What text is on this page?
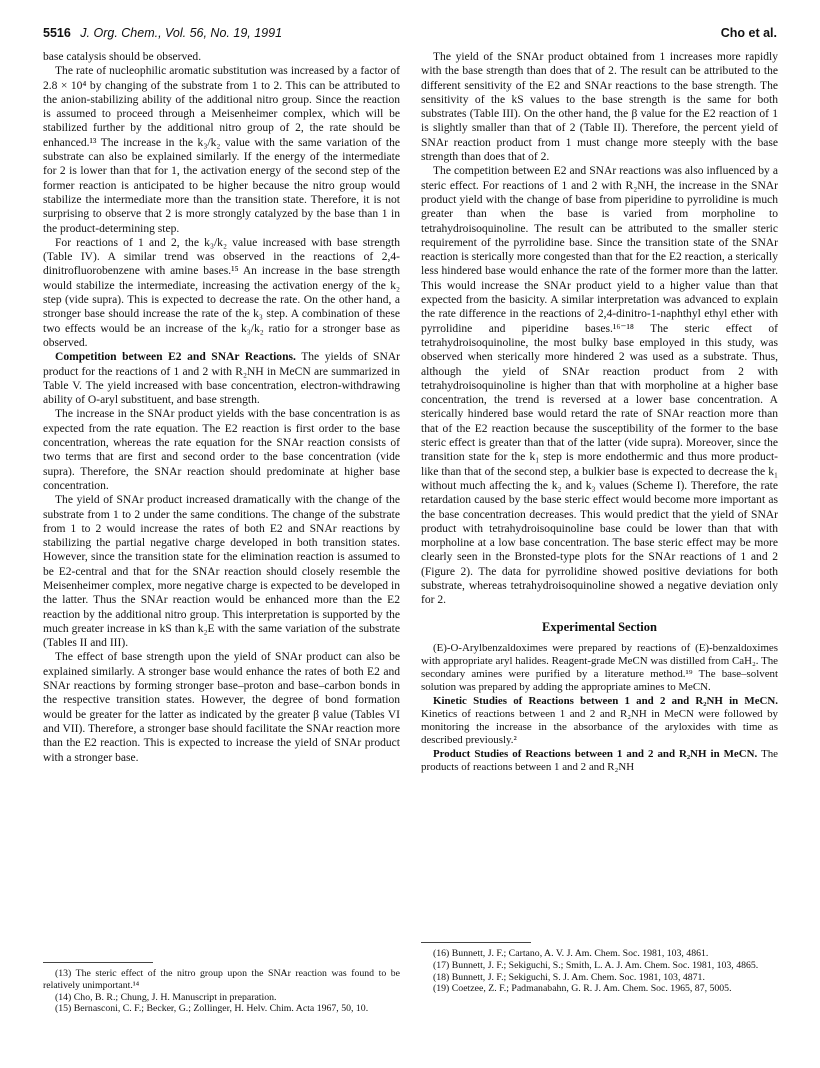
5516 J. Org. Chem., Vol. 56, No. 19, 1991	Cho et al.

base catalysis should be observed.

The rate of nucleophilic aromatic substitution was increased by a factor of 2.8 × 10⁴ by changing of the substrate from 1 to 2. This can be attributed to the anion-stabilizing ability of the additional nitro group. Since the reaction is assumed to proceed through a Meisenheimer complex, which will be stabilized further by the additional nitro group of 2, the rate should be enhanced.¹³ The increase in the k₃/k₂ value with the same variation of the substrate can also be explained similarly. If the energy of the intermediate for 2 is lower than that for 1, the activation energy of the second step of the former reaction is anticipated to be higher because the nitro group would stabilize the intermediate more than the transition state. Therefore, it is not surprising to observe that 2 is more strongly catalyzed by the base than 1 in the product-determining step.

For reactions of 1 and 2, the k₃/k₂ value increased with base strength (Table IV). A similar trend was observed in the reactions of 2,4-dinitrofluorobenzene with amine bases.¹⁵ An increase in the base strength would stabilize the intermediate, increasing the activation energy of the k₂ step (vide supra). This is expected to decrease the rate. On the other hand, a stronger base should increase the rate of the k₃ step. A combination of these two effects would be an increase of the k₃/k₂ ratio for a stronger base as observed.

Competition between E2 and SNAr Reactions. The yields of SNAr product for the reactions of 1 and 2 with R₂NH in MeCN are summarized in Table V. The yield increased with base concentration, electron-withdrawing ability of O-aryl substituent, and base strength.

The increase in the SNAr product yields with the base concentration is as expected from the rate equation. The E2 reaction is first order to the base concentration, whereas the rate equation for the SNAr reaction consists of two terms that are first and second order to the base concentration (vide supra). Therefore, the SNAr reaction should predominate at higher base concentration.

The yield of SNAr product increased dramatically with the change of the substrate from 1 to 2 under the same conditions. The change of the substrate from 1 to 2 would increase the rates of both E2 and SNAr reactions by stabilizing the partial negative charge developed in both transition states. However, since the transition state for the elimination reaction is assumed to be E2-central and that for the SNAr reaction should closely resemble the Meisenheimer complex, more negative charge is expected to be developed in the latter. Thus the SNAr reaction would be enhanced more than the E2 reaction by the additional nitro group. This interpretation is supported by the much greater increase in kS than k₂E with the same variation of the substrate (Tables II and III).

The effect of base strength upon the yield of SNAr product can also be explained similarly. A stronger base would enhance the rates of both E2 and SNAr reactions by forming stronger base–proton and base–carbon bonds in the respective transition states. However, the degree of bond formation would be greater for the latter as indicated by the greater β value (Tables VI and VII). Therefore, a stronger base should facilitate the SNAr reaction more than the E2 reaction. This is expected to increase the yield of SNAr product with a stronger base.

The yield of the SNAr product obtained from 1 increases more rapidly with the base strength than does that of 2. The result can be attributed to the different sensitivity of the E2 and SNAr reactions to the base strength. The sensitivity of the kS values to the base strength is the same for both substrates (Table III). On the other hand, the β value for the E2 reaction of 1 is slightly smaller than that of 2 (Table II). Therefore, the percent yield of SNAr reaction product from 1 must change more steeply with the base strength than does that of 2.

The competition between E2 and SNAr reactions was also influenced by a steric effect. For reactions of 1 and 2 with R₂NH, the increase in the SNAr product yield with the change of base from piperidine to pyrrolidine is much greater than when the base is varied from morpholine to tetrahydroisoquinoline. The result can be attributed to the smaller steric requirement of the pyrrolidine base. Since the transition state of the SNAr reaction is sterically more congested than that for the E2 reaction, a sterically less hindered base would enhance the rate of the former more than the latter. This would increase the SNAr product yield to a higher value than that expected from the basicity. A similar interpretation was advanced to explain the rate difference in the reactions of 2,4-dinitro-1-naphthyl ethyl ether with pyrrolidine and piperidine bases.¹⁶⁻¹⁸ The steric effect of tetrahydroisoquinoline, the most bulky base employed in this study, was observed when sterically more hindered 2 was used as a substrate. Thus, although the yield of SNAr reaction product from 2 with tetrahydroisoquinoline is higher than that with morpholine at a higher base concentration, the trend is reversed at a lower base concentration. A sterically hindered base would retard the rate of SNAr reaction more than that of the E2 reaction because the susceptibility of the former to the base steric effect is greater than that of the latter (vide supra). Moreover, since the transition state for the k₁ step is more endothermic and thus more product-like than that of the second step, a bulkier base is expected to decrease the k₁ without much affecting the k₂ and k₃ values (Scheme I). Therefore, the rate retardation caused by the base steric effect would become more important as the base concentration decreases. This would predict that the yield of SNAr product with tetrahydroisoquinoline base could be lower than that with morpholine at a low base concentration. The base steric effect may be more clearly seen in the Bronsted-type plots for the SNAr reactions of 1 and 2 (Figure 2). The data for pyrrolidine showed positive deviations for both substrate, whereas tetrahydroisoquinoline showed a negative deviation only for 2.

Experimental Section

(E)-O-Arylbenzaldoximes were prepared by reactions of (E)-benzaldoximes with appropriate aryl halides. Reagent-grade MeCN was distilled from CaH₂. The secondary amines were purified by a literature method.¹⁹ The base–solvent solution was prepared by adding the appropriate amines to MeCN.

Kinetic Studies of Reactions between 1 and 2 and R₂NH in MeCN. Kinetics of reactions between 1 and 2 and R₂NH in MeCN were followed by monitoring the increase in the absorbance of the aryloxides with time as described previously.²

Product Studies of Reactions between 1 and 2 and R₂NH in MeCN. The products of reactions between 1 and 2 and R₂NH

(13) The steric effect of the nitro group upon the SNAr reaction was found to be relatively unimportant.¹⁴

(14) Cho, B. R.; Chung, J. H. Manuscript in preparation.

(15) Bernasconi, C. F.; Becker, G.; Zollinger, H. Helv. Chim. Acta 1967, 50, 10.

(16) Bunnett, J. F.; Cartano, A. V. J. Am. Chem. Soc. 1981, 103, 4861.

(17) Bunnett, J. F.; Sekiguchi, S.; Smith, L. A. J. Am. Chem. Soc. 1981, 103, 4865.

(18) Bunnett, J. F.; Sekiguchi, S. J. Am. Chem. Soc. 1981, 103, 4871.

(19) Coetzee, Z. F.; Padmanabahn, G. R. J. Am. Chem. Soc. 1965, 87, 5005.
